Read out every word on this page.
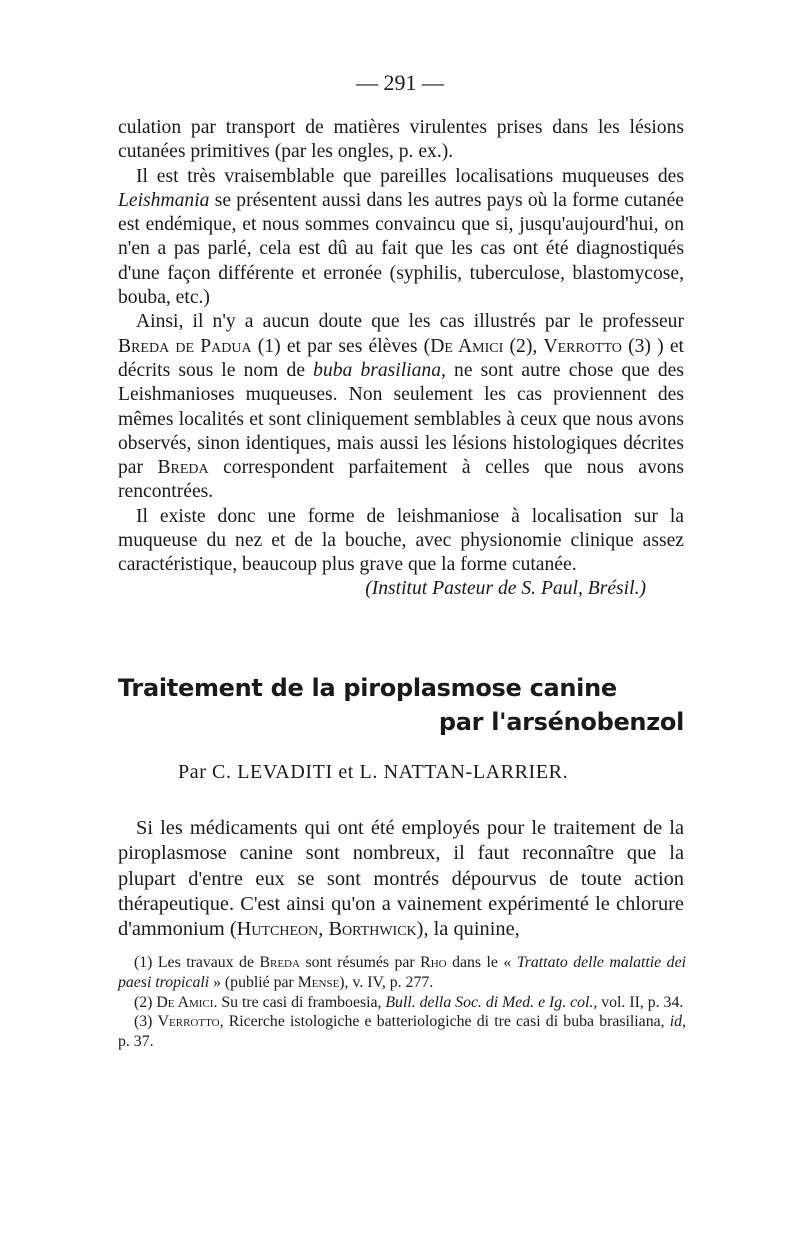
— 291 —

culation par transport de matières virulentes prises dans les lésions cutanées primitives (par les ongles, p. ex.).

Il est très vraisemblable que pareilles localisations muqueuses des Leishmania se présentent aussi dans les autres pays où la forme cutanée est endémique, et nous sommes convaincu que si, jusqu'aujourd'hui, on n'en a pas parlé, cela est dû au fait que les cas ont été diagnostiqués d'une façon différente et erronée (syphilis, tuberculose, blastomycose, bouba, etc.)

Ainsi, il n'y a aucun doute que les cas illustrés par le professeur Breda de Padua (1) et par ses élèves (De Amici (2), Verrotto (3) ) et décrits sous le nom de buba brasiliana, ne sont autre chose que des Leishmanioses muqueuses. Non seulement les cas proviennent des mêmes localités et sont cliniquement semblables à ceux que nous avons observés, sinon identiques, mais aussi les lésions histologiques décrites par Breda correspondent parfaitement à celles que nous avons rencontrées.

Il existe donc une forme de leishmaniose à localisation sur la muqueuse du nez et de la bouche, avec physionomie clinique assez caractéristique, beaucoup plus grave que la forme cutanée.

(Institut Pasteur de S. Paul, Brésil.)
Traitement de la piroplasmose canine
par l'arsénobenzol
Par C. LEVADITI et L. NATTAN-LARRIER.

Si les médicaments qui ont été employés pour le traitement de la piroplasmose canine sont nombreux, il faut reconnaître que la plupart d'entre eux se sont montrés dépourvus de toute action thérapeutique. C'est ainsi qu'on a vainement expérimenté le chlorure d'ammonium (Hutcheon, Borthwick), la quinine,

(1) Les travaux de Breda sont résumés par Rho dans le « Trattato delle malattie dei paesi tropicali » (publié par Mense), v. IV, p. 277.

(2) De Amici. Su tre casi di framboesia, Bull. della Soc. di Med. e Ig. col., vol. II, p. 34.

(3) Verrotto, Ricerche istologiche e batteriologiche di tre casi di buba brasiliana, id, p. 37.
